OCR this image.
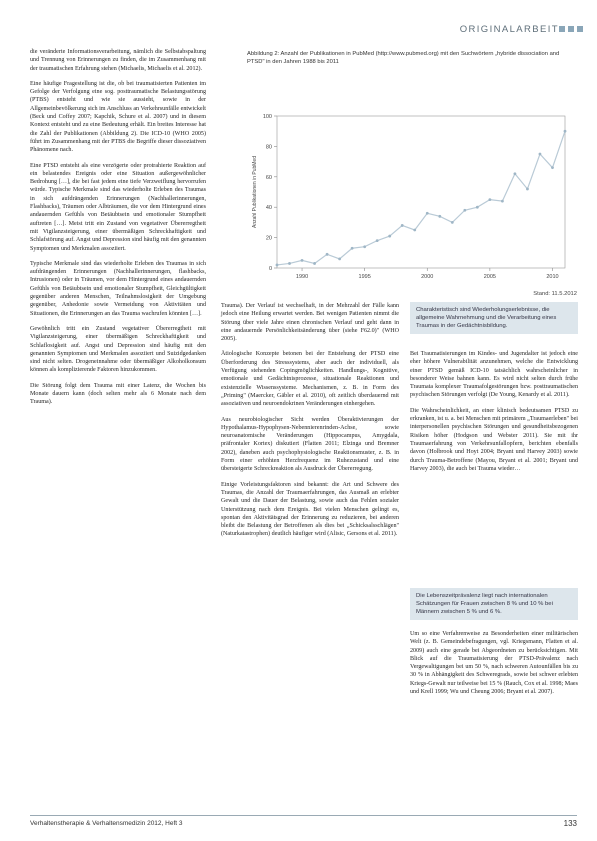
ORIGINALARBEIT

die veränderte Informationsverarbeitung, nämlich die Selbstabspaltung und Trennung von Erinnerungen zu finden, die im Zusammenhang mit der traumatischen Erfahrung stehen (Michaelis, Michaelis et al. 2012).

Eine häufige Fragestellung ist die, ob bei traumatisierten Patienten im Gefolge der Verfolgung eine sog. posttraumatische Belastungsstörung (PTBS) entsteht und wie sie aussieht, sowie in der Allgemeinbevölkerung sich im Anschluss an Verkehrsunfälle entwickelt (Beck und Coffey 2007; Kapchik, Schure et al. 2007) und in diesem Kontext entsteht und zu eine Bedeutung erhält. Ein breites Interesse hat die Zahl der Publikationen (Abbildung 2). Die ICD-10 (WHO 2005) führt im Zusammenhang mit der PTBS die Begriffe dieser dissoziativen Phänomene nach.

Eine PTSD entsteht als eine verzögerte oder protrahierte Reaktion auf ein belastendes Ereignis oder eine Situation außergewöhnlicher Bedrohung […], die bei fast jedem eine tiefe Verzweiflung hervorrufen würde. Typische Merkmale sind das wiederholte Erleben des Traumas in sich aufdrängenden Erinnerungen (Nachhallerinnerungen, Flashbacks), Träumen oder Albträumen, die vor dem Hintergrund eines andauernden Gefühls von Betäubtsein und emotionaler Stumpfheit auftreten […]. Meist tritt ein Zustand von vegetativer Übererregtheit mit Vigilanzsteigerung, einer übermäßigen Schreckhaftigkeit und Schlafstörung auf. Angst und Depression sind häufig mit den genannten Symptomen und Merkmalen assoziiert.

Typische Merkmale sind das wiederholte Erleben des Traumas in sich aufdrängenden Erinnerungen (Nachhallerinnerungen, flashbacks, Intrusionen) oder in Träumen, vor dem Hintergrund eines andauernden Gefühls von Betäubtsein und emotionaler Stumpfheit, Gleichgültigkeit gegenüber anderen Menschen, Teilnahmslosigkeit der Umgebung gegenüber, Anhedonie sowie Vermeidung von Aktivitäten und Situationen, die Erinnerungen an das Trauma wachrufen könnten […].

Gewöhnlich tritt ein Zustand vegetativer Übererregtheit mit Vigilanzsteigerung, einer übermäßigen Schreckhaftigkeit und Schlaflosigkeit auf. Angst und Depression sind häufig mit den genannten Symptomen und Merkmalen assoziiert und Suizidgedanken sind nicht selten. Drogeneinnahme oder übermäßiger Alkoholkonsum können als komplizierende Faktoren hinzukommen.

Die Störung folgt dem Trauma mit einer Latenz, die Wochen bis Monate dauern kann (doch selten mehr als 6 Monate nach dem Trauma).

Abbildung 2: Anzahl der Publikationen in PubMed (http://www.pubmed.org) mit den Suchwörtern „hybride dissociation and PTSD" in den Jahren 1988 bis 2011
0
20
40
60
80
100
1990	1995	2000	2005	2010
Anzahl Publikationen in PubMed
Stand: 11.5.2012

Trauma). Der Verlauf ist wechselhaft, in der Mehrzahl der Fälle kann jedoch eine Heilung erwartet werden. Bei wenigen Patienten nimmt die Störung über viele Jahre einen chronischen Verlauf und geht dann in eine andauernde Persönlichkeitsänderung über (siehe F62.0)" (WHO 2005).

Ätiologische Konzepte betonen bei der Entstehung der PTSD eine Überforderung des Stresssystems, aber auch der individuell, als Verfügung stehenden Copingmöglichkeiten. Handlungs-, Kognitive, emotionale und Gedächtnisprozesse, situationale Reaktionen und existenzielle Wissenssysteme. Mechanismen, z. B. in Form des „Priming" (Maercker, Gäbler et al. 2010), oft zeitlich überdauernd mit assoziativen und neuroendokrinen Veränderungen einhergehen.

Aus neurobiologischer Sicht werden Überaktivierungen der Hypothalamus-Hypophysen-Nebennierenrinden-Achse, sowie neuroanatomische Veränderungen (Hippocampus, Amygdala, präfrontaler Kortex) diskutiert (Flatten 2011; Elzinga und Bremner 2002), daneben auch psychophysiologische Reaktionsmuster, z. B. in Form einer erhöhten Herzfrequenz im Ruhezustand und eine übersteigerte Schreckreaktion als Ausdruck der Übererregung.

Einige Vorleistungsfaktoren sind bekannt: die Art und Schwere des Traumas, die Anzahl der Traumaerfahrungen, das Ausmaß an erlebter Gewalt und die Dauer der Belastung, sowie auch das Fehlen sozialer Unterstützung nach dem Ereignis. Bei vielen Menschen gelingt es, spontan den Aktivitätsgrad der Erinnerung zu reduzieren, bei anderen bleibt die Belastung der Betroffenen als dies bei „Schicksalsschlägen" (Naturkatastrophen) deutlich häufiger wird (Alisic, Gersons et al. 2011).

Charakteristisch sind Wiederholungserlebnisse, die allgemeine Wahrnehmung und die Verarbeitung eines Traumas in der Gedächtnisbildung.

Bei Traumatisierungen im Kindes- und Jugendalter ist jedoch eine eher höhere Vulnerabilität anzunehmen, welche die Entwicklung einer PTSD gemäß ICD-10 tatsächlich wahrscheinlicher in besonderer Weise bahnen kann. Es wird nicht selten durch frühe Traumata komplexer Traumafolgestörungen bzw. posttraumatischen psychischen Störungen verfolgt (De Young, Kenardy et al. 2011).

Die Wahrscheinlichkeit, an einer klinisch bedeutsamen PTSD zu erkranken, ist u. a. bei Menschen mit primärem „Traumaerleben" bei interpersonellen psychischen Störungen und gesundheitsbezogenen Risiken höher (Hodgson und Webster 2011). Sie mit ihr Traumaerfahrung von Verkehrsunfallopfern, berichten ebenfalls davon (Holbrook und Hoyt 2004; Bryant und Harvey 2003) sowie durch Trauma-Betroffene (Mayou, Bryant et al. 2001; Bryant und Harvey 2003), die auch bei Trauma wieder…

Die Lebenszeitprävalenz liegt nach internationalen Schätzungen für Frauen zwischen 8 % und 10 % bei Männern zwischen 5 % und 6 %.

Um so eine Verfahrenweise zu Besonderheiten einer militärischen Welt (z. B. Gemeindebefragungen, vgl. Kriegsmann, Flatten et al. 2009) auch eine gerade bei Abgeordneten zu berücksichtigen. Mit Blick auf die Traumatisierung der PTSD-Prävalenz nach Vergewaltigungen bei um 50 %, nach schweren Autounfällen bis zu 30 % in Abhängigkeit des Schweregrads, sowie bei schwer erlebten Kriegs-Gewalt nur teilweise bei 15 % (Rauch, Cox et al. 1998; Maes und Krell 1999; Wu und Cheung 2006; Bryant et al. 2007).

Verhaltenstherapie & Verhaltensmedizin 2012, Heft 3	133
